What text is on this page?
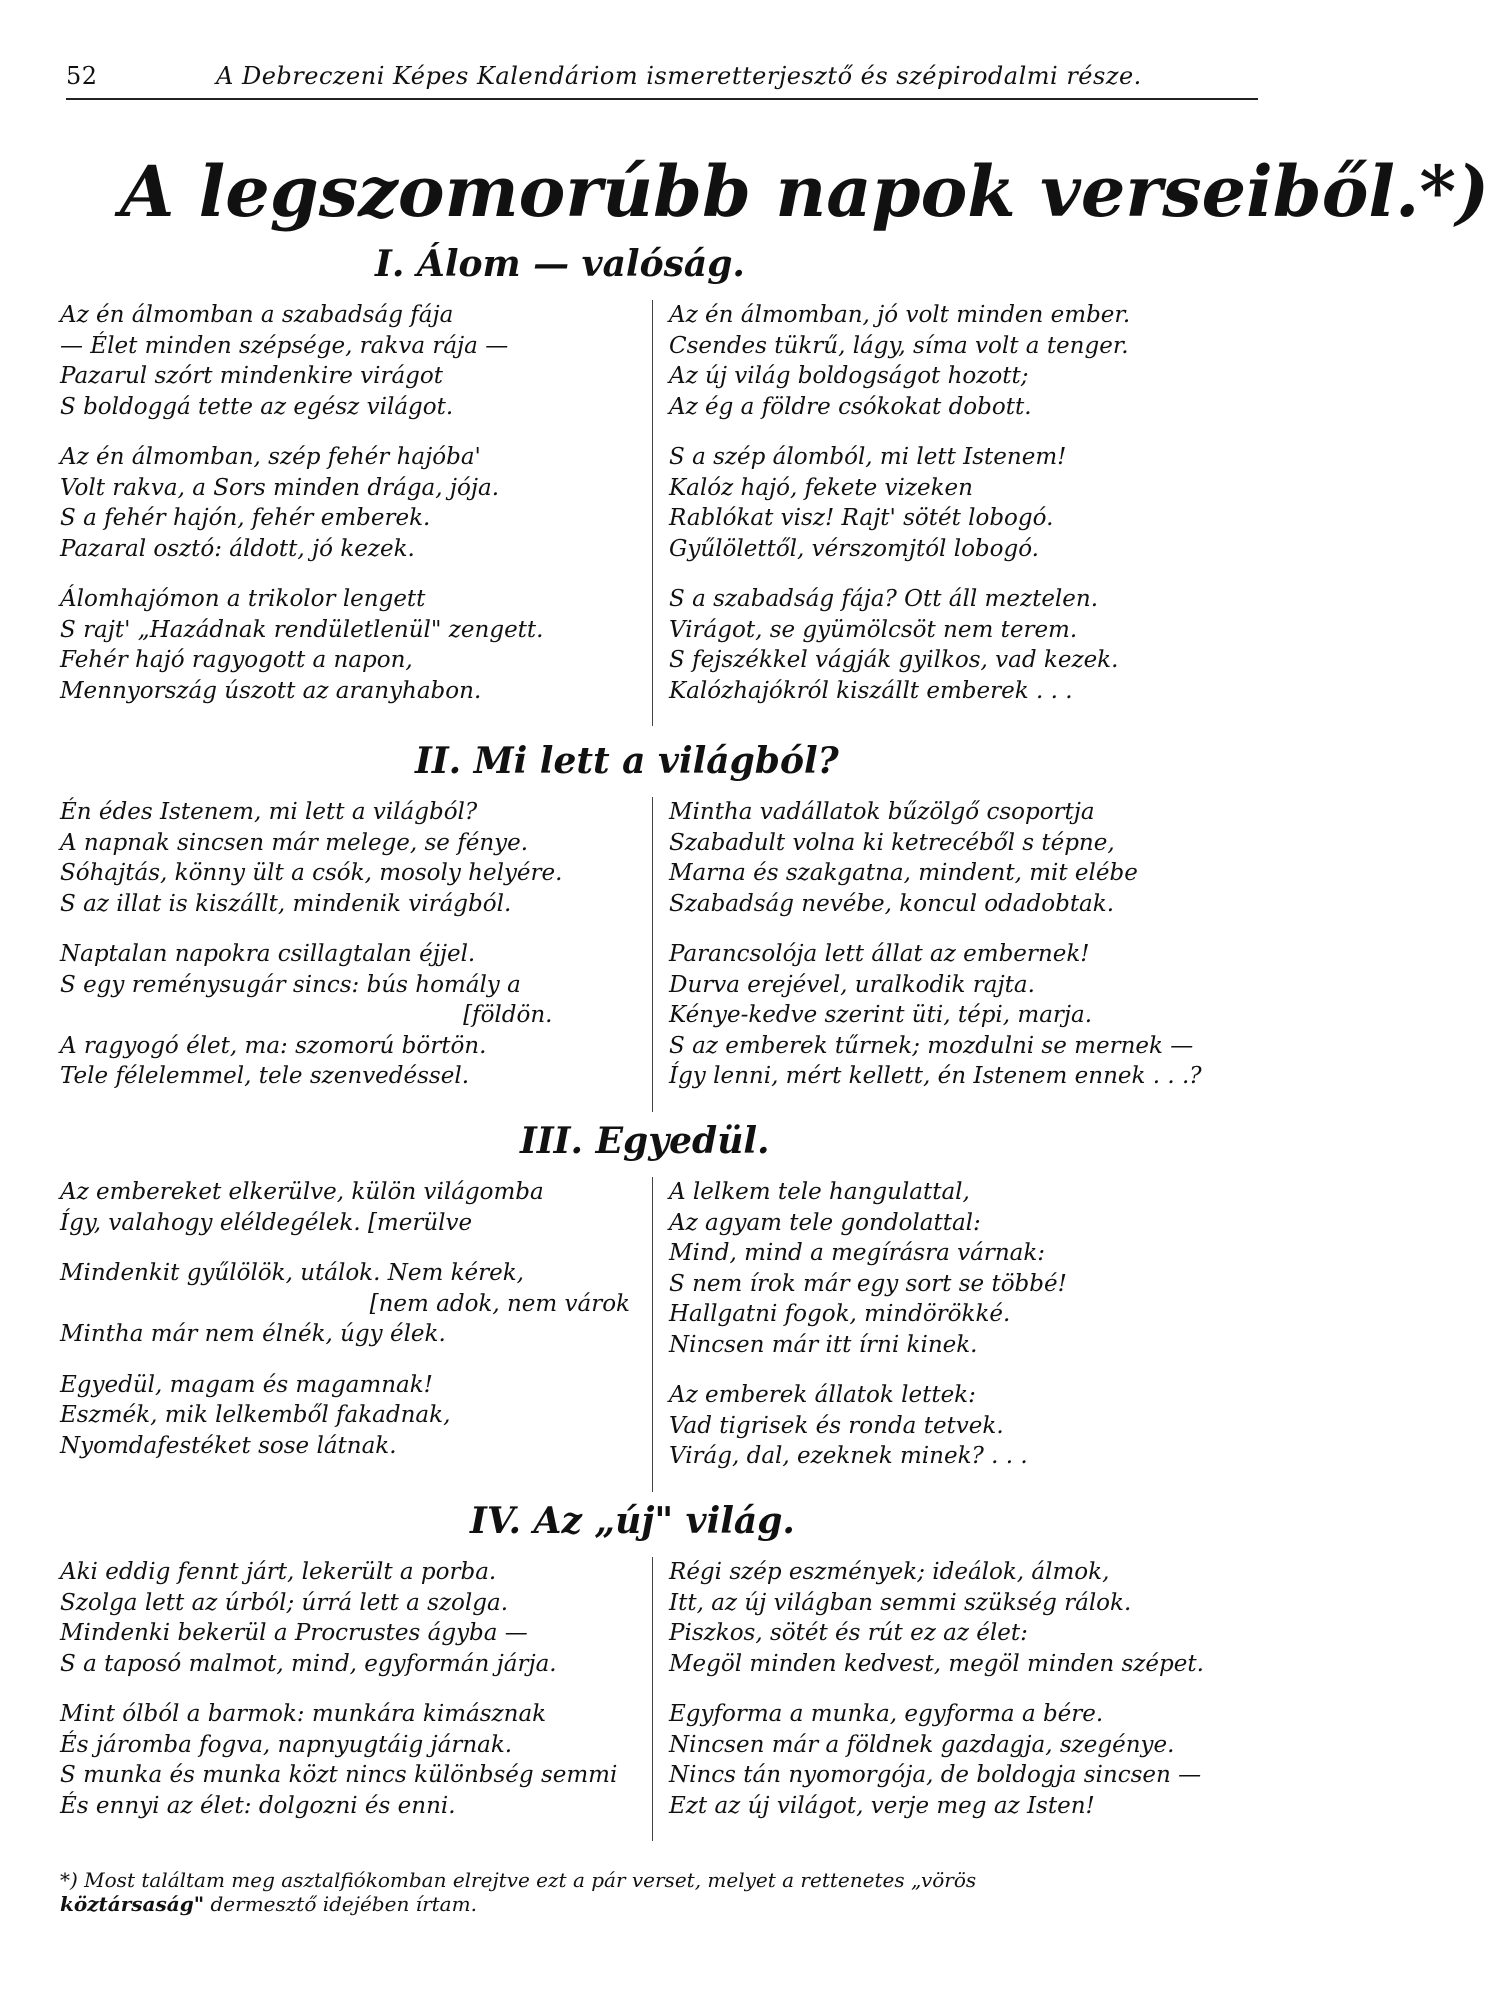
52	A Debreczeni Képes Kalendáriom ismeretterjesztő és szépirodalmi része.
A legszomorúbb napok verseiből.*)
I. Álom — valóság.
Az én álmomban a szabadság fája
— Élet minden szépsége, rakva rája —
Pazarul szórt mindenkire virágot
S boldoggá tette az egész világot.
Az én álmomban, szép fehér hajóba'
Volt rakva, a Sors minden drága, jója.
S a fehér hajón, fehér emberek.
Pazaral osztó: áldott, jó kezek.
Álomhajómon a trikolor lengett
S rajt' „Hazádnak rendületlenül" zengett.
Fehér hajó ragyogott a napon,
Mennyország úszott az aranyhabon.
Az én álmomban, jó volt minden ember.
Csendes tükrű, lágy, síma volt a tenger.
Az új világ boldogságot hozott;
Az ég a földre csókokat dobott.
S a szép álomból, mi lett Istenem!
Kalóz hajó, fekete vizeken
Rablókat visz! Rajt' sötét lobogó.
Gyűlölettől, vérszomjtól lobogó.
S a szabadság fája? Ott áll meztelen.
Virágot, se gyümölcsöt nem terem.
S fejszékkel vágják gyilkos, vad kezek.
Kalózhajókról kiszállt emberek . . .
II. Mi lett a világból?
Én édes Istenem, mi lett a világból?
A napnak sincsen már melege, se fénye.
Sóhajtás, könny ült a csók, mosoly helyére.
S az illat is kiszállt, mindenik virágból.
Naptalan napokra csillagtalan éjjel.
S egy reménysugár sincs: bús homály a
[földön.
A ragyogó élet, ma: szomorú börtön.
Tele félelemmel, tele szenvedéssel.
Mintha vadállatok bűzölgő csoportja
Szabadult volna ki ketrecéből s tépne,
Marna és szakgatna, mindent, mit elébe
Szabadság nevébe, koncul odadobtak.
Parancsolója lett állat az embernek!
Durva erejével, uralkodik rajta.
Kénye-kedve szerint üti, tépi, marja.
S az emberek tűrnek; mozdulni se mernek —
Így lenni, mért kellett, én Istenem ennek . . .?
III. Egyedül.
Az embereket elkerülve, külön világomba
Így, valahogy eléldegélek. [merülve
Mindenkit gyűlölök, utálok. Nem kérek,
[nem adok, nem várok
Mintha már nem élnék, úgy élek.
Egyedül, magam és magamnak!
Eszmék, mik lelkemből fakadnak,
Nyomdafestéket sose látnak.
A lelkem tele hangulattal,
Az agyam tele gondolattal:
Mind, mind a megírásra várnak:
S nem írok már egy sort se többé!
Hallgatni fogok, mindörökké.
Nincsen már itt írni kinek.
Az emberek állatok lettek:
Vad tigrisek és ronda tetvek.
Virág, dal, ezeknek minek? . . .
IV. Az „új" világ.
Aki eddig fennt járt, lekerült a porba.
Szolga lett az úrból; úrrá lett a szolga.
Mindenki bekerül a Procrustes ágyba —
S a taposó malmot, mind, egyformán járja.
Mint ólból a barmok: munkára kimásznak
És járomba fogva, napnyugtáig járnak.
S munka és munka közt nincs különbség semmi
És ennyi az élet: dolgozni és enni.
Régi szép eszmények; ideálok, álmok,
Itt, az új világban semmi szükség rálok.
Piszkos, sötét és rút ez az élet:
Megöl minden kedvest, megöl minden szépet.
Egyforma a munka, egyforma a bére.
Nincsen már a földnek gazdagja, szegénye.
Nincs tán nyomorgója, de boldogja sincsen —
Ezt az új világot, verje meg az Isten!
*) Most találtam meg asztalfiókomban elrejtve ezt a pár verset, melyet a rettenetes „vörös
köztársaság" dermesztő idejében írtam.
